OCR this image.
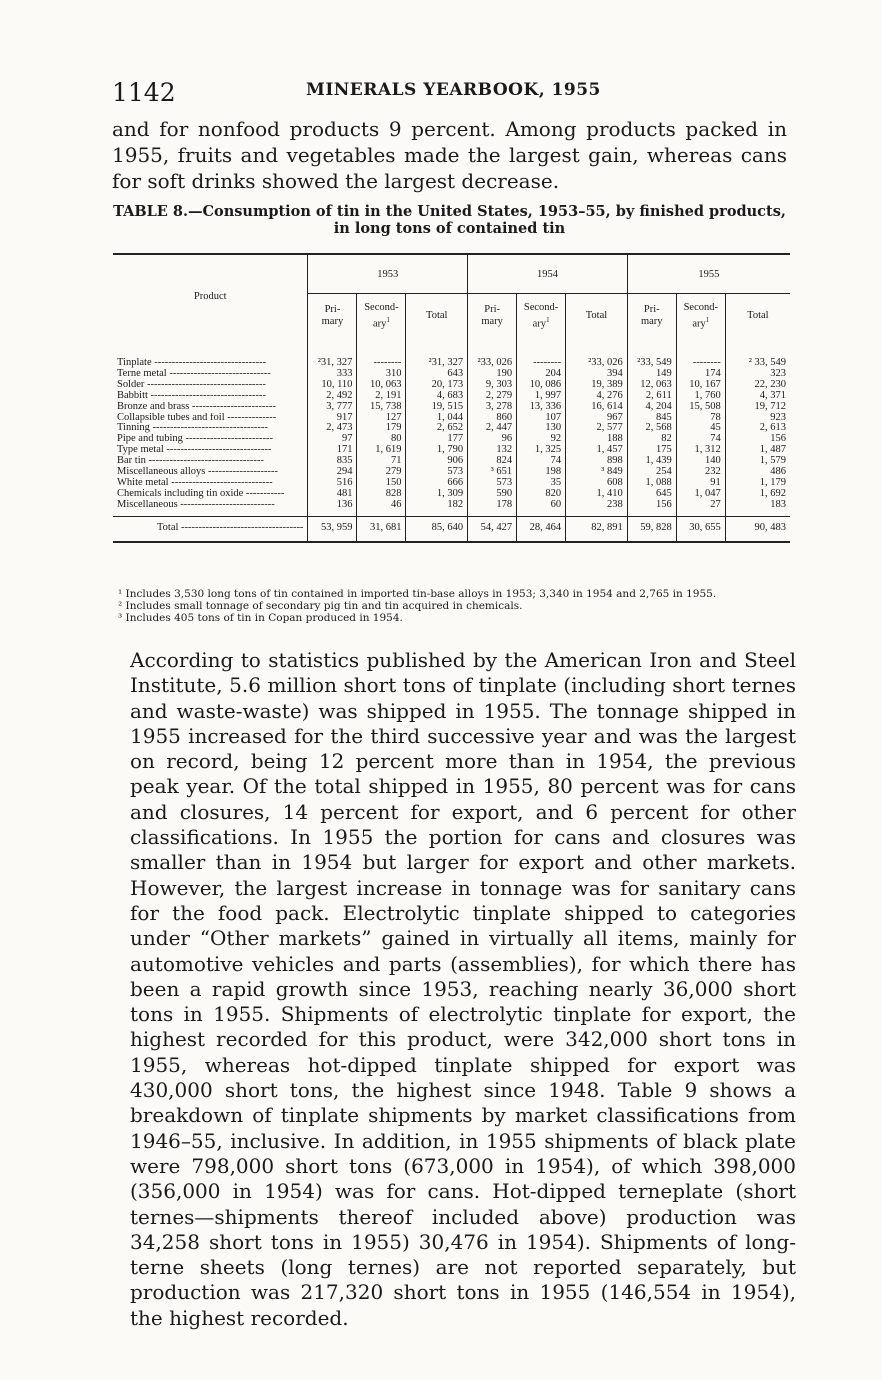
1142	MINERALS YEARBOOK, 1955

and for nonfood products 9 percent. Among products packed in 1955, fruits and vegetables made the largest gain, whereas cans for soft drinks showed the largest decrease.

TABLE 8.—Consumption of tin in the United States, 1953–55, by finished products,
in long tons of contained tin

Product	1953			1954			1955		
	Pri-
mary	Second-
ary$^1$	Total	Pri-
mary	Second-
ary$^1$	Total	Pri-
mary	Second-
ary$^1$	Total
Tinplate --------------------------------	²31, 327	--------	²31, 327	²33, 026	--------	²33, 026	²33, 549	--------	² 33, 549
Terne metal -----------------------------	333	310	643	190	204	394	149	174	323
Solder ----------------------------------	10, 110	10, 063	20, 173	9, 303	10, 086	19, 389	12, 063	10, 167	22, 230
Babbitt ---------------------------------	2, 492	2, 191	4, 683	2, 279	1, 997	4, 276	2, 611	1, 760	4, 371
Bronze and brass ------------------------	3, 777	15, 738	19, 515	3, 278	13, 336	16, 614	4, 204	15, 508	19, 712
Collapsible tubes and foil --------------	917	127	1, 044	860	107	967	845	78	923
Tinning ---------------------------------	2, 473	179	2, 652	2, 447	130	2, 577	2, 568	45	2, 613
Pipe and tubing -------------------------	97	80	177	96	92	188	82	74	156
Type metal ------------------------------	171	1, 619	1, 790	132	1, 325	1, 457	175	1, 312	1, 487
Bar tin ---------------------------------	835	71	906	824	74	898	1, 439	140	1, 579
Miscellaneous alloys --------------------	294	279	573	³ 651	198	³ 849	254	232	486
White metal -----------------------------	516	150	666	573	35	608	1, 088	91	1, 179
Chemicals including tin oxide -----------	481	828	1, 309	590	820	1, 410	645	1, 047	1, 692
Miscellaneous ---------------------------	136	46	182	178	60	238	156	27	183
Total -----------------------------------	53, 959	31, 681	85, 640	54, 427	28, 464	82, 891	59, 828	30, 655	90, 483
¹ Includes 3,530 long tons of tin contained in imported tin-base alloys in 1953; 3,340 in 1954 and 2,765 in 1955.
² Includes small tonnage of secondary pig tin and tin acquired in chemicals.
³ Includes 405 tons of tin in Copan produced in 1954.

According to statistics published by the American Iron and Steel Institute, 5.6 million short tons of tinplate (including short ternes and waste-waste) was shipped in 1955. The tonnage shipped in 1955 increased for the third successive year and was the largest on record, being 12 percent more than in 1954, the previous peak year. Of the total shipped in 1955, 80 percent was for cans and closures, 14 percent for export, and 6 percent for other classifications. In 1955 the portion for cans and closures was smaller than in 1954 but larger for export and other markets. However, the largest increase in tonnage was for sanitary cans for the food pack. Electrolytic tinplate shipped to categories under “Other markets” gained in virtually all items, mainly for automotive vehicles and parts (assemblies), for which there has been a rapid growth since 1953, reaching nearly 36,000 short tons in 1955. Shipments of electrolytic tinplate for export, the highest recorded for this product, were 342,000 short tons in 1955, whereas hot-dipped tinplate shipped for export was 430,000 short tons, the highest since 1948. Table 9 shows a breakdown of tinplate shipments by market classifications from 1946–55, inclusive. In addition, in 1955 shipments of black plate were 798,000 short tons (673,000 in 1954), of which 398,000 (356,000 in 1954) was for cans. Hot-dipped terneplate (short ternes—shipments thereof included above) production was 34,258 short tons in 1955) 30,476 in 1954). Shipments of long-terne sheets (long ternes) are not reported separately, but production was 217,320 short tons in 1955 (146,554 in 1954), the highest recorded.
